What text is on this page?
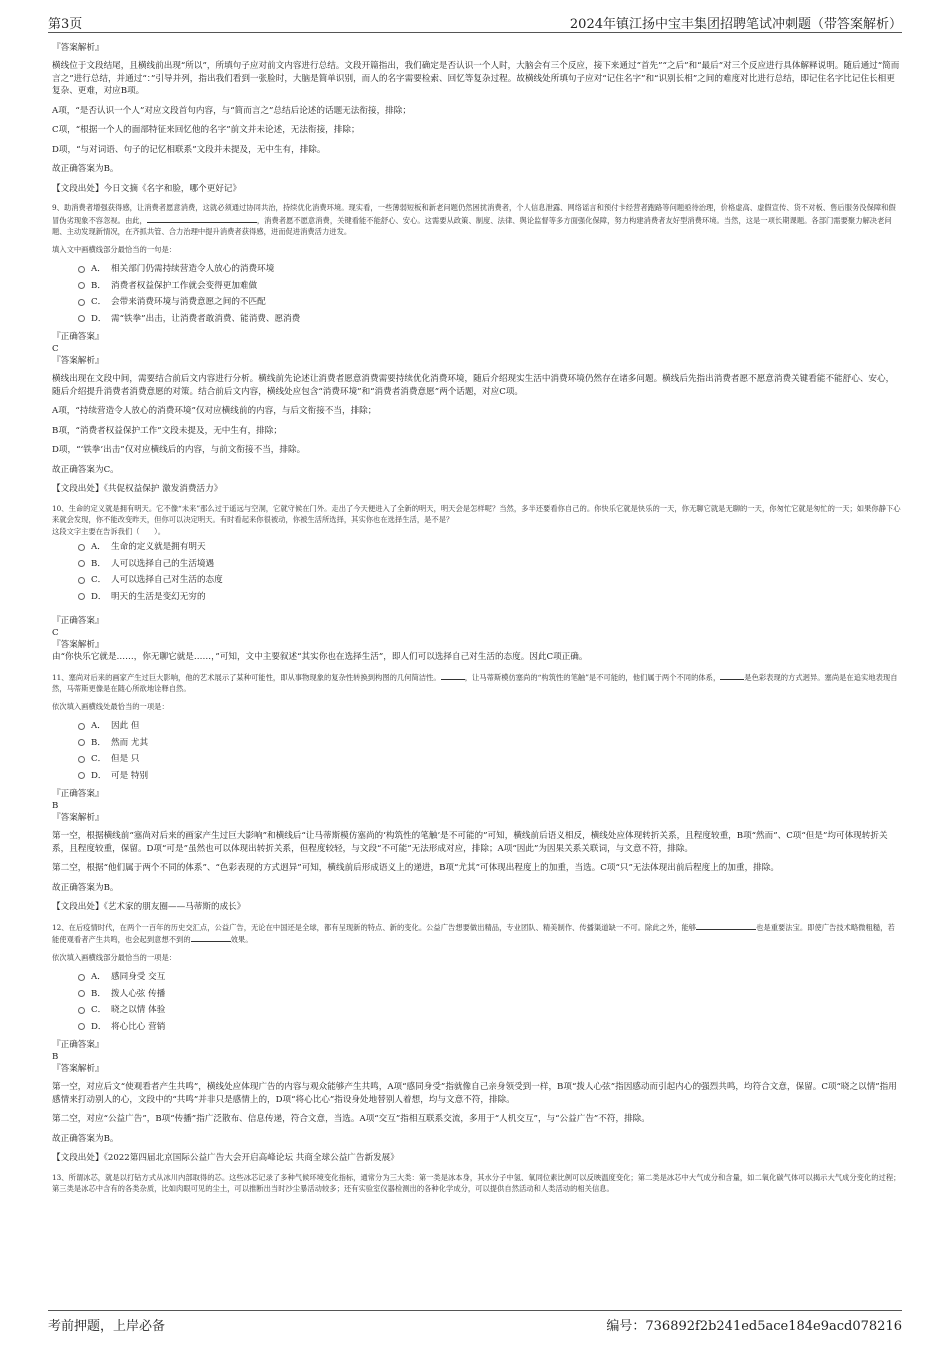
第3页	2024年镇江扬中宝丰集团招聘笔试冲刺题（带答案解析）

『答案解析』

横线位于文段结尾，且横线前出现“所以”，所填句子应对前文内容进行总结。文段开篇指出，我们确定是否认识一个人时，大脑会有三个反应，接下来通过“首先”“之后”和“最后”对三个反应进行具体解释说明。随后通过“简而言之”进行总结，并通过“：”引导并列，指出我们看到一张脸时，大脑是简单识别，而人的名字需要检索、回忆等复杂过程。故横线处所填句子应对“记住名字”和“识别长相”之间的难度对比进行总结，即记住名字比记住长相更复杂、更难，对应B项。

A项，“是否认识一个人”对应文段首句内容，与“简而言之”总结后论述的话题无法衔接，排除；

C项，“根据一个人的面部特征来回忆他的名字”前文并未论述，无法衔接，排除；

D项，“与对词语、句子的记忆相联系”文段并未提及，无中生有，排除。

故正确答案为B。

【文段出处】今日文摘《名字和脸，哪个更好记》

9、助消费者增强获得感，让消费者愿意消费，这就必须通过协同共治，持续优化消费环境。现实看，一些薄弱短板和新老问题仍然困扰消费者，个人信息泄露、网络谣言和预付卡经营者跑路等问题亟待治理，价格虚高、虚假宣传、货不对板、售后服务没保障和假冒伪劣现象不容忽视。由此，	，消费者愿不愿意消费，关键看能不能舒心、安心。这需要从政策、制度、法律、舆论监督等多方面强化保障，努力构建消费者友好型消费环境。当然，这是一项长期课题。各部门需要聚力解决老问题、主动发现新情况，在齐抓共管、合力治理中提升消费者获得感，进而促进消费活力迸发。

填入文中画横线部分最恰当的一句是：

A． 相关部门仍需持续营造令人放心的消费环境
B． 消费者权益保护工作就会变得更加难做
C． 会带来消费环境与消费意愿之间的不匹配
D． 需“铁拳”出击，让消费者敢消费、能消费、愿消费

『正确答案』

C

『答案解析』

横线出现在文段中间，需要结合前后文内容进行分析。横线前先论述让消费者愿意消费需要持续优化消费环境，随后介绍现实生活中消费环境仍然存在诸多问题。横线后先指出消费者愿不愿意消费关键看能不能舒心、安心，随后介绍提升消费者消费意愿的对策。结合前后文内容，横线处应包含“消费环境”和“消费者消费意愿”两个话题，对应C项。

A项，“持续营造令人放心的消费环境”仅对应横线前的内容，与后文衔接不当，排除；

B项，“消费者权益保护工作”文段未提及，无中生有，排除；

D项，“‘铁拳’出击”仅对应横线后的内容，与前文衔接不当，排除。

故正确答案为C。

【文段出处】《共促权益保护 激发消费活力》

10、生命的定义就是拥有明天。它不像“未来”那么过于遥远与空洞，它就守候在门外。走出了今天便进入了全新的明天，明天会是怎样呢？当然，多半还要看你自己的。你快乐它就是快乐的一天，你无聊它就是无聊的一天，你匆忙它就是匆忙的一天；如果你静下心来就会发现，你不能改变昨天，但你可以决定明天。有时看起来你很被动，你被生活所选择，其实你也在选择生活，是不是？
这段文字主要在告诉我们（　　）。

A． 生命的定义就是拥有明天
B． 人可以选择自己的生活境遇
C． 人可以选择自己对生活的态度
D． 明天的生活是变幻无穷的

『正确答案』

C

『答案解析』

由“你快乐它就是……，你无聊它就是……，”可知，文中主要叙述“其实你也在选择生活”，即人们可以选择自己对生活的态度。因此C项正确。

11、塞尚对后来的画家产生过巨大影响，他的艺术展示了某种可能性，即从事物现象的复杂性转换到构图的几何简洁性。	，让马蒂斯模仿塞尚的“构筑性的笔触”是不可能的，他们属于两个不同的体系，	是色彩表现的方式迥异。塞尚是在追实地表现自然，马蒂斯更像是在随心所欲地诠释自然。

依次填入画横线处最恰当的一项是：

A． 因此 但
B． 然而 尤其
C． 但是 只
D． 可是 特别

『正确答案』

B

『答案解析』

第一空，根据横线前“塞尚对后来的画家产生过巨大影响”和横线后“让马蒂斯模仿塞尚的‘构筑性的笔触’是不可能的”可知，横线前后语义相反，横线处应体现转折关系，且程度较重，B项“然而”、C项“但是”均可体现转折关系，且程度较重，保留。D项“可是”虽然也可以体现出转折关系，但程度较轻，与文段“不可能”无法形成对应，排除；A项“因此”为因果关系关联词，与文意不符，排除。

第二空，根据“他们属于两个不同的体系”、“色彩表现的方式迥异”可知，横线前后形成语义上的递进，B项“尤其”可体现出程度上的加重，当选。C项“只”无法体现出前后程度上的加重，排除。

故正确答案为B。

【文段出处】《艺术家的朋友圈——马蒂斯的成长》

12、在后疫情时代，在两个一百年的历史交汇点，公益广告，无论在中国还是全球，都有呈现新的特点、新的变化。公益广告想要做出精品，专业团队、精美制作、传播渠道缺一不可。除此之外，能够	也是重要法宝。即使广告技术略微粗糙，若能使观看者产生共鸣，也会起到意想不到的	效果。

依次填入画横线部分最恰当的一项是：

A． 感同身受 交互
B． 拨人心弦 传播
C． 晓之以情 体验
D． 将心比心 营销

『正确答案』

B

『答案解析』

第一空，对应后文“使观看者产生共鸣”，横线处应体现广告的内容与观众能够产生共鸣，A项“感同身受”指就像自己亲身领受到一样，B项“拨人心弦”指因感动而引起内心的强烈共鸣，均符合文意，保留。C项“晓之以情”指用感情来打动别人的心，文段中的“共鸣”并非只是感情上的，D项“将心比心”指设身处地替别人着想，均与文意不符，排除。

第二空，对应“公益广告”，B项“传播”指广泛散布、信息传递，符合文意，当选。A项“交互”指相互联系交流，多用于“人机交互”，与“公益广告”不符，排除。

故正确答案为B。

【文段出处】《2022第四届北京国际公益广告大会开启高峰论坛 共商全球公益广告新发展》

13、所谓冰芯，就是以打钻方式从冰川内部取得的芯。这些冰芯记录了多种气候环境变化指标，通常分为三大类：第一类是冰本身，其水分子中氢、氧同位素比例可以反映温度变化；第二类是冰芯中大气成分和含量，如二氧化碳气体可以揭示大气成分变化的过程；第三类是冰芯中含有的各类杂质，比如肉眼可见的尘土，可以推断出当时沙尘暴活动较多；还有实验室仪器检测出的各种化学成分，可以提供自然活动和人类活动的相关信息。

考前押题，上岸必备	编号：736892f2b241ed5ace184e9acd078216
